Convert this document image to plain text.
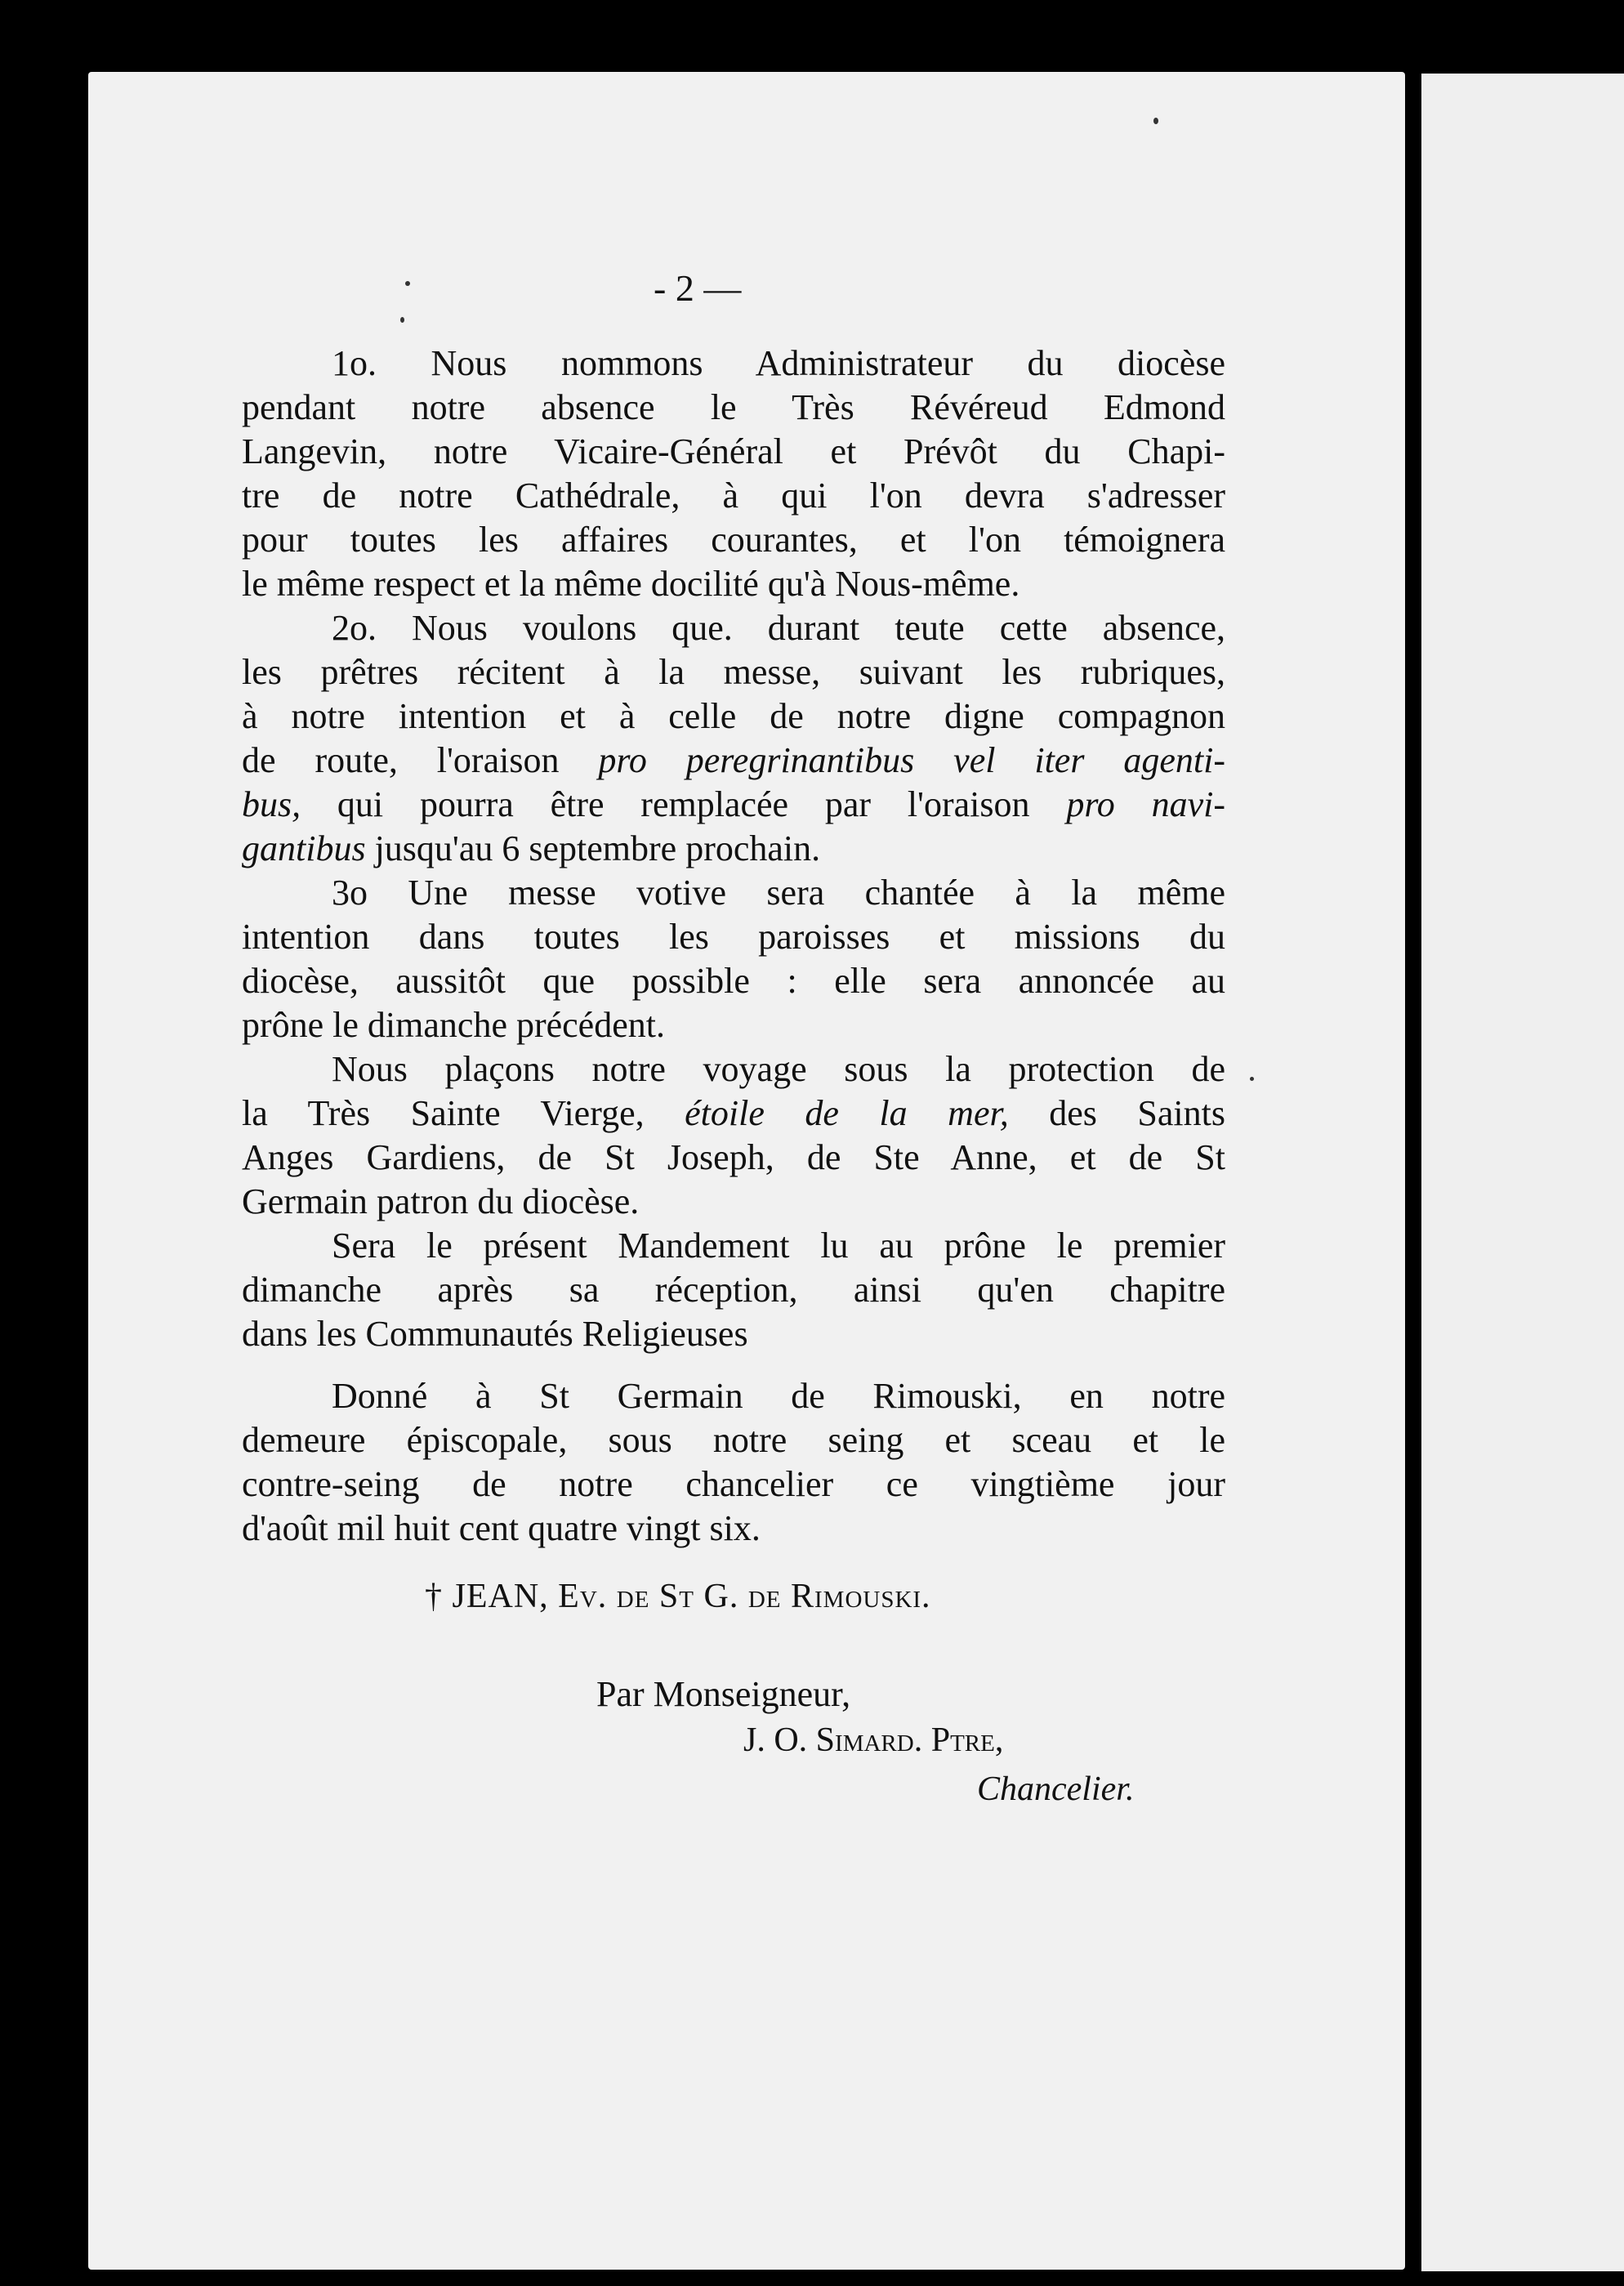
- 2 —
1o. Nous nommons Administrateur du diocèse
pendant notre absence le Très Révéreud Edmond
Langevin, notre Vicaire-Général et Prévôt du Chapi-
tre de notre Cathédrale, à qui l'on devra s'adresser
pour toutes les affaires courantes, et l'on témoignera
le même respect et la même docilité qu'à Nous-même.
2o. Nous voulons que. durant teute cette absence,
les prêtres récitent à la messe, suivant les rubriques,
à notre intention et à celle de notre digne compagnon
de route, l'oraison pro peregrinantibus vel iter agenti-
bus, qui pourra être remplacée par l'oraison pro navi-
gantibus jusqu'au 6 septembre prochain.
3o Une messe votive sera chantée à la même
intention dans toutes les paroisses et missions du
diocèse, aussitôt que possible : elle sera annoncée au
prône le dimanche précédent.
Nous plaçons notre voyage sous la protection de
la Très Sainte Vierge, étoile de la mer, des Saints
Anges Gardiens, de St Joseph, de Ste Anne, et de St
Germain patron du diocèse.
Sera le présent Mandement lu au prône le premier
dimanche après sa réception, ainsi qu'en chapitre
dans les Communautés Religieuses
Donné à St Germain de Rimouski, en notre
demeure épiscopale, sous notre seing et sceau et le
contre-seing de notre chancelier ce vingtième jour
d'août mil huit cent quatre vingt six.
† JEAN, Ev. de St G. de Rimouski.
Par Monseigneur,
J. O. Simard. Ptre,
Chancelier.
